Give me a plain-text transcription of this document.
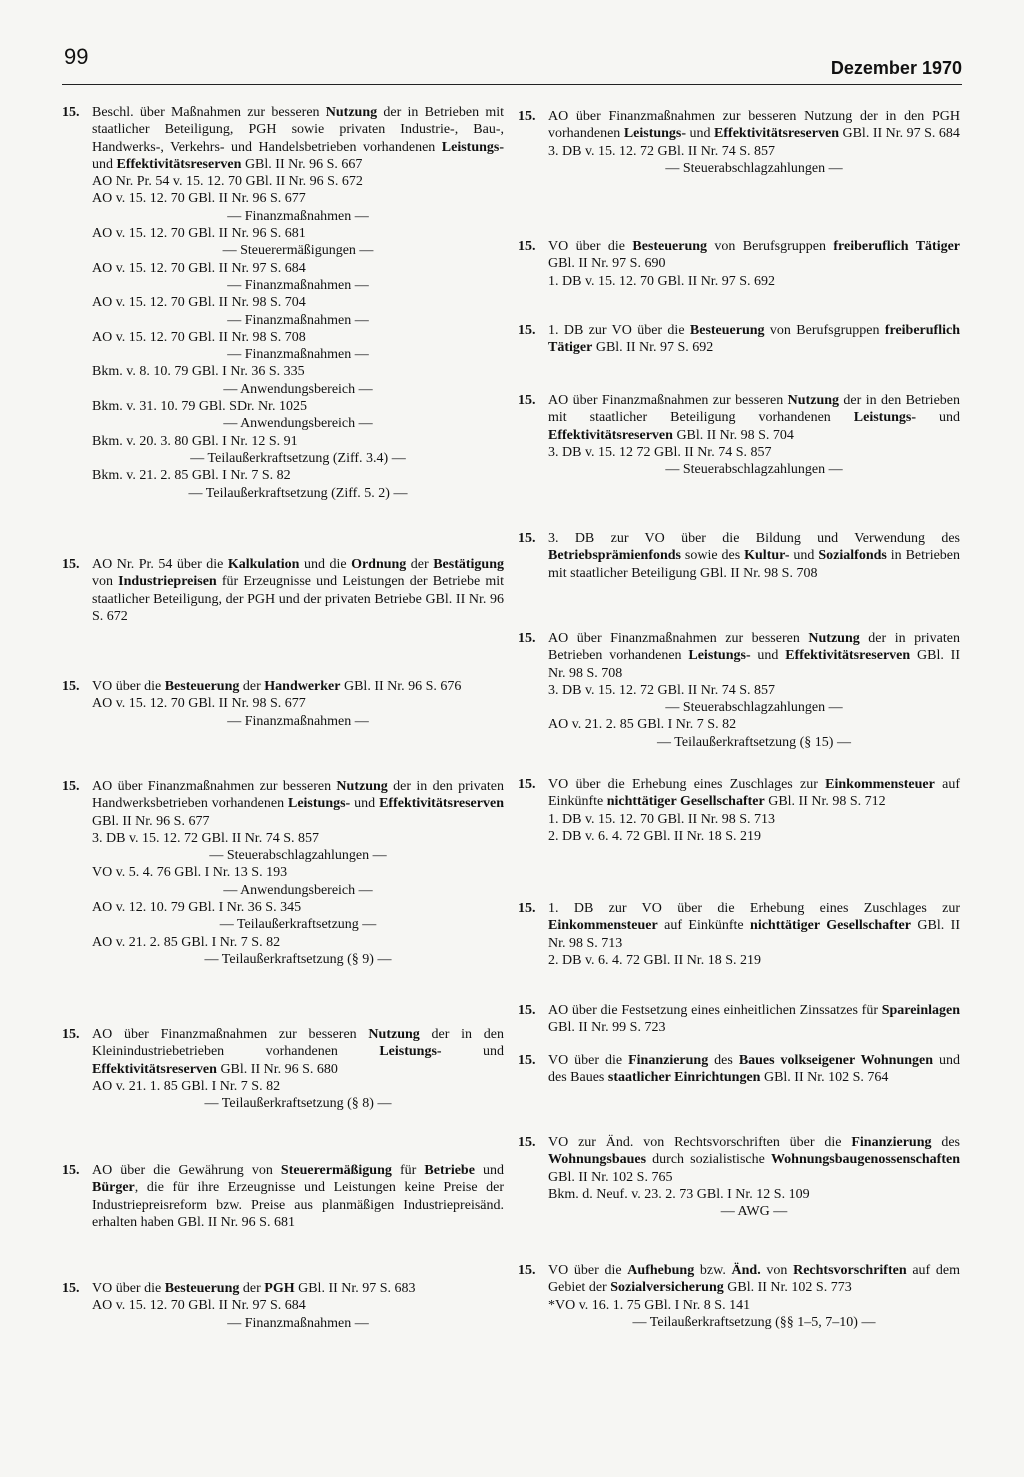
99	Dezember 1970
15. Beschl. über Maßnahmen zur besseren Nutzung der in Betrieben mit staatlicher Beteiligung, PGH sowie privaten Industrie-, Bau-, Handwerks-, Verkehrs- und Handelsbetrieben vorhandenen Leistungs- und Effektivitätsreserven GBl. II Nr. 96 S. 667
AO Nr. Pr. 54 v. 15. 12. 70 GBl. II Nr. 96 S. 672
AO v. 15. 12. 70 GBl. II Nr. 96 S. 677
— Finanzmaßnahmen —
AO v. 15. 12. 70 GBl. II Nr. 96 S. 681
— Steuerermäßigungen —
AO v. 15. 12. 70 GBl. II Nr. 97 S. 684
— Finanzmaßnahmen —
AO v. 15. 12. 70 GBl. II Nr. 98 S. 704
— Finanzmaßnahmen —
AO v. 15. 12. 70 GBl. II Nr. 98 S. 708
— Finanzmaßnahmen —
Bkm. v. 8. 10. 79 GBl. I Nr. 36 S. 335
— Anwendungsbereich —
Bkm. v. 31. 10. 79 GBl. SDr. Nr. 1025
— Anwendungsbereich —
Bkm. v. 20. 3. 80 GBl. I Nr. 12 S. 91
— Teilaußerkraftsetzung (Ziff. 3.4) —
Bkm. v. 21. 2. 85 GBl. I Nr. 7 S. 82
— Teilaußerkraftsetzung (Ziff. 5. 2) —
15. AO Nr. Pr. 54 über die Kalkulation und die Ordnung der Bestätigung von Industriepreisen für Erzeugnisse und Leistungen der Betriebe mit staatlicher Beteiligung, der PGH und der privaten Betriebe GBl. II Nr. 96 S. 672
15. VO über die Besteuerung der Handwerker GBl. II Nr. 96 S. 676
AO v. 15. 12. 70 GBl. II Nr. 98 S. 677
— Finanzmaßnahmen —
15. AO über Finanzmaßnahmen zur besseren Nutzung der in den privaten Handwerksbetrieben vorhandenen Leistungs- und Effektivitätsreserven GBl. II Nr. 96 S. 677
3. DB v. 15. 12. 72 GBl. II Nr. 74 S. 857
— Steuerabschlagzahlungen —
VO v. 5. 4. 76 GBl. I Nr. 13 S. 193
— Anwendungsbereich —
AO v. 12. 10. 79 GBl. I Nr. 36 S. 345
— Teilaußerkraftsetzung —
AO v. 21. 2. 85 GBl. I Nr. 7 S. 82
— Teilaußerkraftsetzung (§ 9) —
15. AO über Finanzmaßnahmen zur besseren Nutzung der in den Kleinindustriebetrieben vorhandenen Leistungs- und Effektivitätsreserven GBl. II Nr. 96 S. 680
AO v. 21. 1. 85 GBl. I Nr. 7 S. 82
— Teilaußerkraftsetzung (§ 8) —
15. AO über die Gewährung von Steuerermäßigung für Betriebe und Bürger, die für ihre Erzeugnisse und Leistungen keine Preise der Industriepreisreform bzw. Preise aus planmäßigen Industriepreisänd. erhalten haben GBl. II Nr. 96 S. 681
15. VO über die Besteuerung der PGH GBl. II Nr. 97 S. 683
AO v. 15. 12. 70 GBl. II Nr. 97 S. 684
— Finanzmaßnahmen —
15. AO über Finanzmaßnahmen zur besseren Nutzung der in den PGH vorhandenen Leistungs- und Effektivitätsreserven GBl. II Nr. 97 S. 684
3. DB v. 15. 12. 72 GBl. II Nr. 74 S. 857
— Steuerabschlagzahlungen —
15. VO über die Besteuerung von Berufsgruppen freiberuflich Tätiger GBl. II Nr. 97 S. 690
1. DB v. 15. 12. 70 GBl. II Nr. 97 S. 692
15. 1. DB zur VO über die Besteuerung von Berufsgruppen freiberuflich Tätiger GBl. II Nr. 97 S. 692
15. AO über Finanzmaßnahmen zur besseren Nutzung der in den Betrieben mit staatlicher Beteiligung vorhandenen Leistungs- und Effektivitätsreserven GBl. II Nr. 98 S. 704
3. DB v. 15. 12 72 GBl. II Nr. 74 S. 857
— Steuerabschlagzahlungen —
15. 3. DB zur VO über die Bildung und Verwendung des Betriebsprämienfonds sowie des Kultur- und Sozialfonds in Betrieben mit staatlicher Beteiligung GBl. II Nr. 98 S. 708
15. AO über Finanzmaßnahmen zur besseren Nutzung der in privaten Betrieben vorhandenen Leistungs- und Effektivitätsreserven GBl. II Nr. 98 S. 708
3. DB v. 15. 12. 72 GBl. II Nr. 74 S. 857
— Steuerabschlagzahlungen —
AO v. 21. 2. 85 GBl. I Nr. 7 S. 82
— Teilaußerkraftsetzung (§ 15) —
15. VO über die Erhebung eines Zuschlages zur Einkommensteuer auf Einkünfte nichttätiger Gesellschafter GBl. II Nr. 98 S. 712
1. DB v. 15. 12. 70 GBl. II Nr. 98 S. 713
2. DB v. 6. 4. 72 GBl. II Nr. 18 S. 219
15. 1. DB zur VO über die Erhebung eines Zuschlages zur Einkommensteuer auf Einkünfte nichttätiger Gesellschafter GBl. II Nr. 98 S. 713
2. DB v. 6. 4. 72 GBl. II Nr. 18 S. 219
15. AO über die Festsetzung eines einheitlichen Zinssatzes für Spareinlagen GBl. II Nr. 99 S. 723
15. VO über die Finanzierung des Baues volkseigener Wohnungen und des Baues staatlicher Einrichtungen GBl. II Nr. 102 S. 764
15. VO zur Änd. von Rechtsvorschriften über die Finanzierung des Wohnungsbaues durch sozialistische Wohnungsbaugenossenschaften GBl. II Nr. 102 S. 765
Bkm. d. Neuf. v. 23. 2. 73 GBl. I Nr. 12 S. 109
— AWG —
15. VO über die Aufhebung bzw. Änd. von Rechtsvorschriften auf dem Gebiet der Sozialversicherung GBl. II Nr. 102 S. 773
*VO v. 16. 1. 75 GBl. I Nr. 8 S. 141
— Teilaußerkraftsetzung (§§ 1–5, 7–10) —
